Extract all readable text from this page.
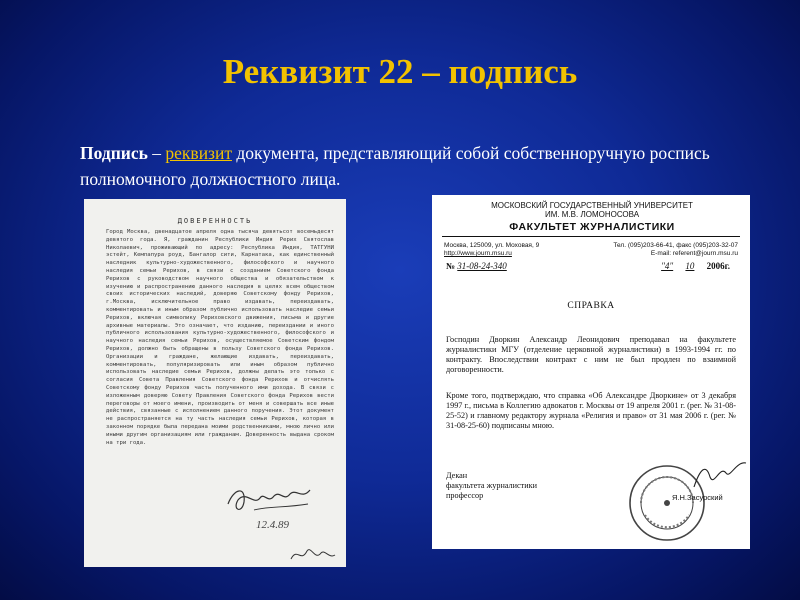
Реквизит 22 – подпись
Подпись – реквизит документа, представляющий собой собственноручную роспись полномочного должностного лица.
ДОВЕРЕННОСТЬ
Город Москва, двенадцатое апреля одна тысяча девятьсот восемьдесят девятого года. Я, гражданин Республики Индия Рерих Святослав Николаевич, проживающий по адресу: Республика Индия, ТАТГУНИ эстейт, Кемпапура роуд, Бангалор сити, Карнатака, как единственный наследник культурно-художественного, философского и научного наследия семьи Рерихов, в связи с созданием Советского фонда Рерихов с руководством научного общества и обязательством к изучению и распространению данного наследия в целях всем обществом своих исторических наследий, доверяю Советскому фонду Рерихов, г.Москва, исключительное право издавать, переиздавать, комментировать и иным образом публично использовать наследие семьи Рерихов, включая символику Рериховского движения, письма и другие архивные материалы. Это означает, что изданию, переиздании и иного публичного использования культурно-художественного, философского и научного наследия семьи Рерихов, осуществляемое Советским фондом Рерихов, должно быть обращены в пользу Советского фонда Рерихов. Организации и граждане, желающие издавать, переиздавать, комментировать, популяризировать или иным образом публично использовать наследие семьи Рерихов, должны делать это только с согласия Совета Правления Советского фонда Рерихов и отчислять Советскому фонду Рерихов часть полученного ими дохода. В связи с изложенным доверяю Совету Правления Советского фонда Рерихов вести переговоры от моего имени, производить от меня и совершать все иные действия, связанные с исполнением данного поручения. Этот документ не распространяется на ту часть наследия семьи Рерихов, которая в законном порядке была передана моими родственниками, мною лично или иными другим организациям или гражданам. Доверенность выдана сроком на три года.
12.4.89
МОСКОВСКИЙ ГОСУДАРСТВЕННЫЙ УНИВЕРСИТЕТ
ИМ. М.В. ЛОМОНОСОВА
ФАКУЛЬТЕТ ЖУРНАЛИСТИКИ
Москва, 125009, ул. Моховая, 9
http://www.journ.msu.ru
Тел. (095)203-66-41, факс (095)203-32-07
E-mail: referent@journ.msu.ru
№ 31-08-24-340	"4" 10 2006г.
СПРАВКА
Господин Дворкин Александр Леонидович преподавал на факультете журналистики МГУ (отделение церковной журналистики) в 1993-1994 гг. по контракту. Впоследствии контракт с ним не был продлен по взаимной договоренности.
Кроме того, подтверждаю, что справка «Об Александре Дворкине» от 3 декабря 1997 г., письма в Коллегию адвокатов г. Москвы от 19 апреля 2001 г. (рег. № 31-08-25-52) и главному редактору журнала «Религия и право» от 31 мая 2006 г. (рег. № 31-08-25-60) подписаны мною.
Декан
факультета журналистики
профессор	Я.Н.Засурский
